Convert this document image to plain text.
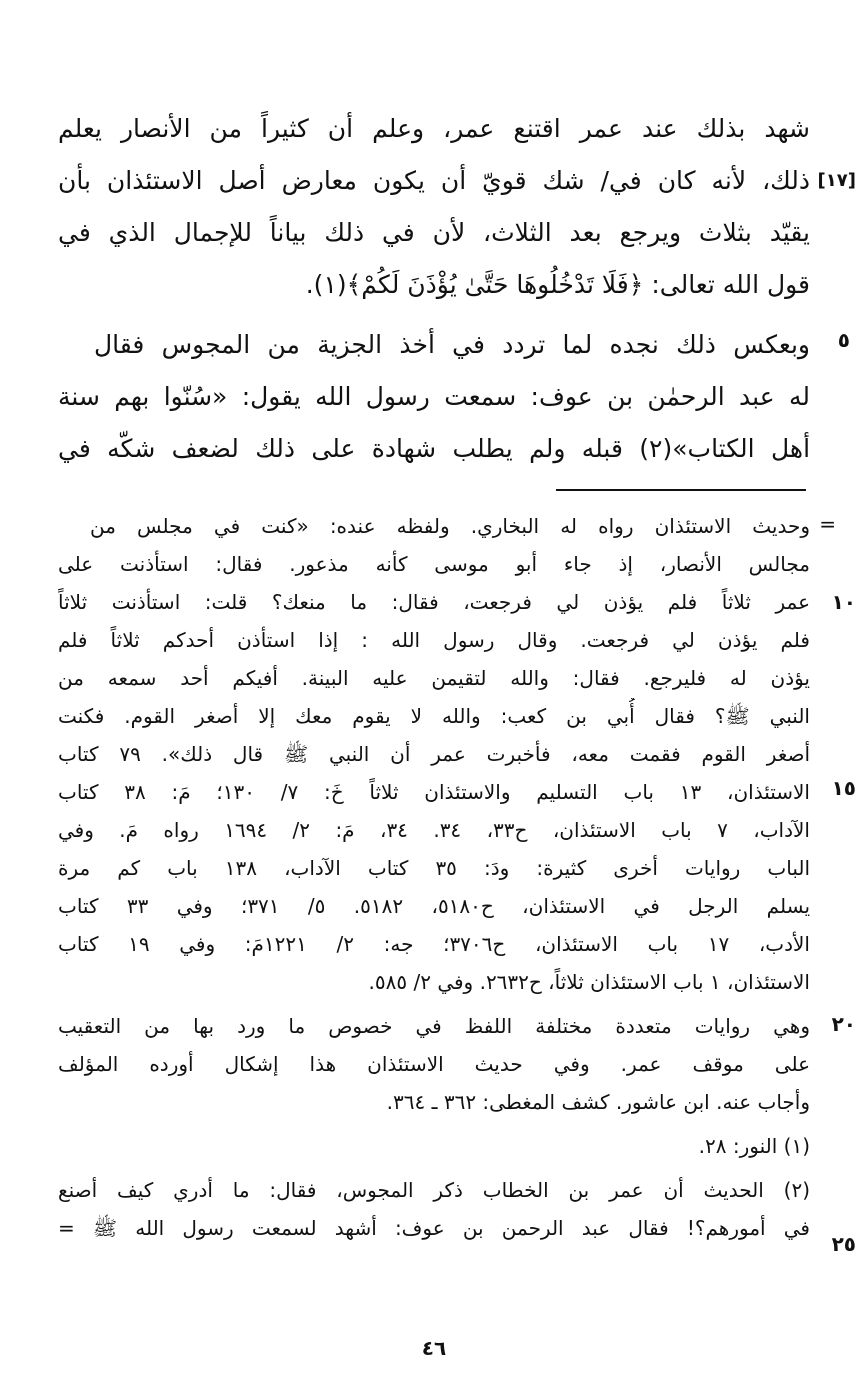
شهد بذلك عند عمر اقتنع عمر، وعلم أن كثيراً من الأنصار يعلم
ذلك، لأنه كان في/ شك قويّ أن يكون معارض أصل الاستئذان بأن
يقيّد بثلاث ويرجع بعد الثلاث، لأن في ذلك بياناً للإجمال الذي في
قول الله تعالى: ﴿فَلَا تَدْخُلُوهَا حَتَّىٰ يُؤْذَنَ لَكُمْ﴾(١).
وبعكس ذلك نجده لما تردد في أخذ الجزية من المجوس فقال
له عبد الرحمٰن بن عوف: سمعت رسول الله يقول: «سُنّوا بهم سنة
أهل الكتاب»(٢) قبله ولم يطلب شهادة على ذلك لضعف شكّه في
[١٧]
٥
وحديث الاستئذان رواه له البخاري. ولفظه عنده: «كنت في مجلس من
مجالس الأنصار، إذ جاء أبو موسى كأنه مذعور. فقال: استأذنت على
عمر ثلاثاً فلم يؤذن لي فرجعت، فقال: ما منعك؟ قلت: استأذنت ثلاثاً
فلم يؤذن لي فرجعت. وقال رسول الله : إذا استأذن أحدكم ثلاثاً فلم
يؤذن له فليرجع. فقال: والله لتقيمن عليه البينة. أفيكم أحد سمعه من
النبي ﷺ؟ فقال أُبي بن كعب: والله لا يقوم معك إلا أصغر القوم. فكنت
أصغر القوم فقمت معه، فأخبرت عمر أن النبي ﷺ قال ذلك». ٧٩ كتاب
الاستئذان، ١٣ باب التسليم والاستئذان ثلاثاً خَ: ٧/ ١٣٠؛ مَ: ٣٨ كتاب
الآداب، ٧ باب الاستئذان، ح٣٣، ٣٤. ٣٤، مَ: ٢/ ١٦٩٤ رواه مَ. وفي
الباب روايات أخرى كثيرة: ودَ: ٣٥ كتاب الآداب، ١٣٨ باب كم مرة
يسلم الرجل في الاستئذان، ح٥١٨٠، ٥١٨٢. ٥/ ٣٧١؛ وفي ٣٣ كتاب
الأدب، ١٧ باب الاستئذان، ح٣٧٠٦؛ جه: ٢/ ١٢٢١مَ: وفي ١٩ كتاب
الاستئذان، ١ باب الاستئذان ثلاثاً، ح٢٦٣٢. وفي ٢/ ٥٨٥.
وهي روايات متعددة مختلفة اللفظ في خصوص ما ورد بها من التعقيب
على موقف عمر. وفي حديث الاستئذان هذا إشكال أورده المؤلف
وأجاب عنه. ابن عاشور. كشف المغطى: ٣٦٢ ـ ٣٦٤.
(١) النور: ٢٨.
(٢) الحديث أن عمر بن الخطاب ذكر المجوس، فقال: ما أدري كيف أصنع
في أمورهم؟! فقال عبد الرحمن بن عوف: أشهد لسمعت رسول الله ﷺ =
=
١٠
١٥
٢٠
٢٥
٤٦
